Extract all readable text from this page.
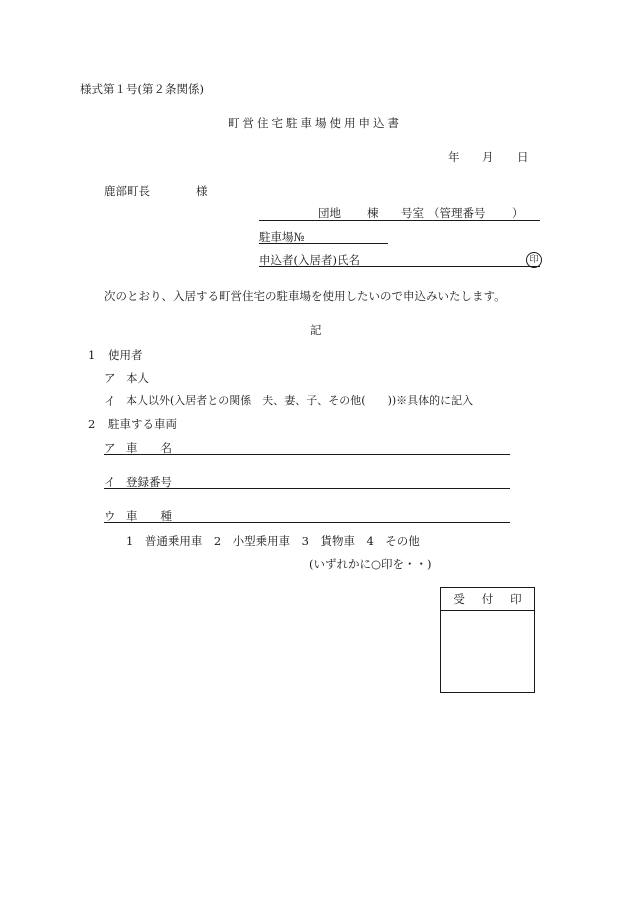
様式第１号(第２条関係)
町営住宅駐車場使用申込書
年 月 日
鹿部町長	様
団地 棟 号室 （管理番号 ）
駐車場№
申込者(入居者)氏名	印
次のとおり、入居する町営住宅の駐車場を使用したいので申込みいたします。
記
1 使用者
ア 本人
イ 本人以外(入居者との関係　夫、妻、子、その他(　　))※具体的に記入
2 駐車する車両
ア 車　　名
イ 登録番号
ウ 車　　種
1　普通乗用車　2　小型乗用車　3　貨物車　4　その他
(いずれかに○印を・・)
受 付 印
